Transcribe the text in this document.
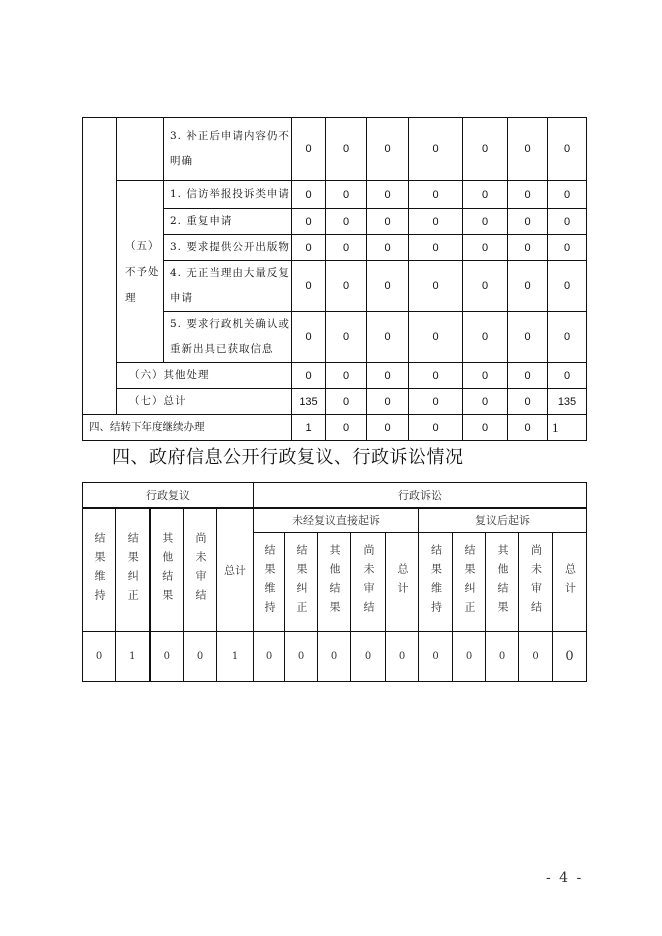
		3. 补正后申请内容仍不明确	0	0	0	0	0	0	0

	（五）
不予处
理	1. 信访举报投诉类申请	0	0	0	0	0	0	0
		2. 重复申请	0	0	0	0	0	0	0
		3. 要求提供公开出版物	0	0	0	0	0	0	0
		4. 无正当理由大量反复申请	0	0	0	0	0	0	0
		5. 要求行政机关确认或重新出具已获取信息	0	0	0	0	0	0	0
	（六）其他处理		0	0	0	0	0	0	0
	（七）总计		135	0	0	0	0	0	135
四、结转下年度继续办理			1	0	0	0	0	0	1
四、政府信息公开行政复议、行政诉讼情况
行政复议					行政诉讼									
结果维持	结果纠正	其他结果	尚未审结	总计	未经复议直接起诉					复议后起诉				
					结果维持	结果纠正	其他结果	尚未审结	总计	结果维持	结果纠正	其他结果	尚未审结	总计
0	1	0	0	1	0	0	0	0	0	0	0	0	0	0
- 4 -
